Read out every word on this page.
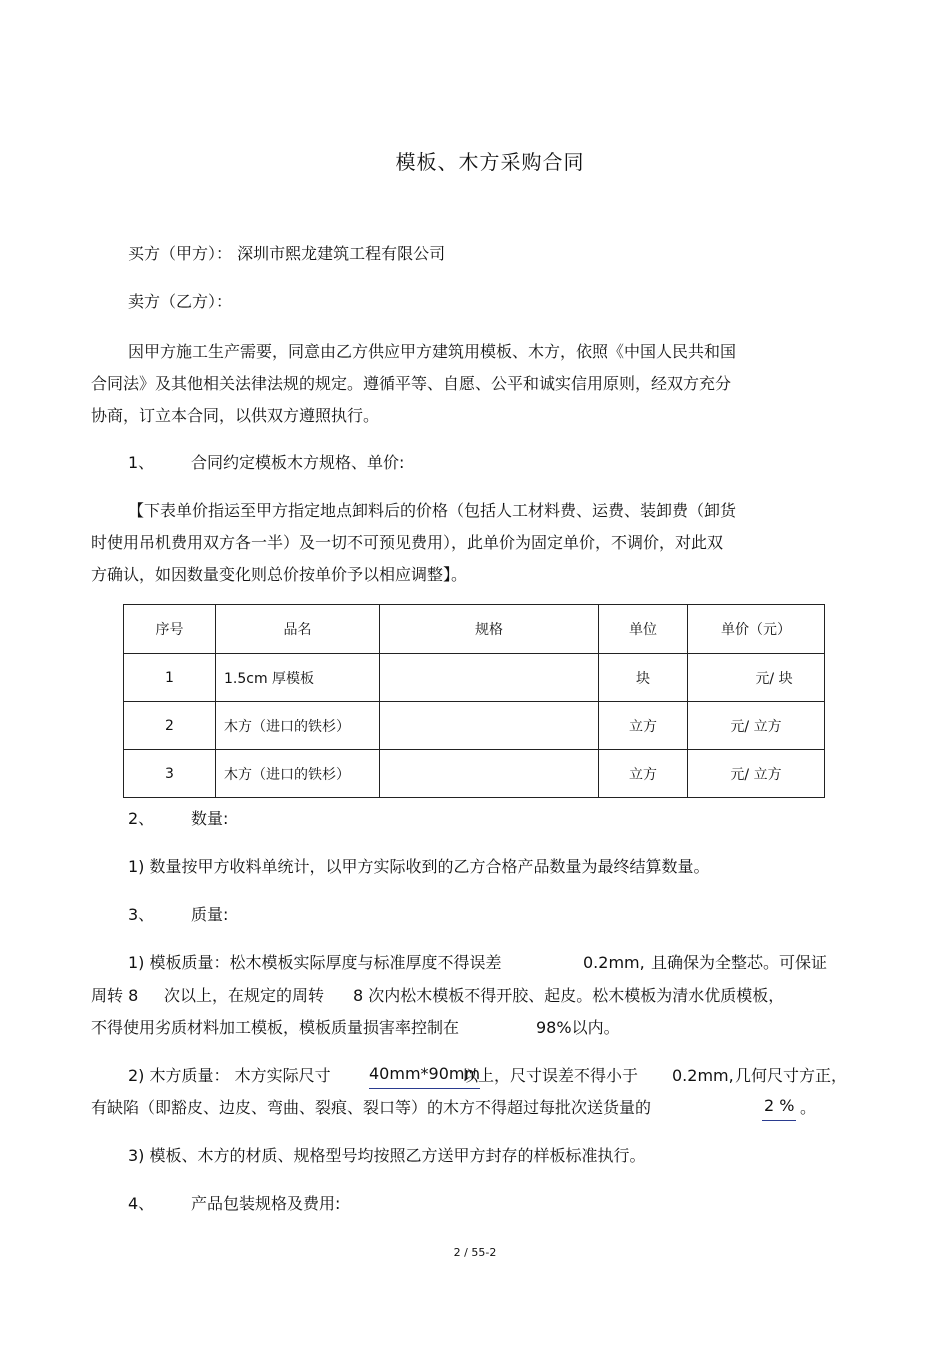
模板、木方采购合同
买方（甲方）： 深圳市熙龙建筑工程有限公司
卖方（乙方）：
因甲方施工生产需要，同意由乙方供应甲方建筑用模板、木方，依照《中国人民共和国
合同法》及其他相关法律法规的规定。遵循平等、自愿、公平和诚实信用原则，经双方充分
协商，订立本合同，以供双方遵照执行。
1、 合同约定模板木方规格、单价:
【下表单价指运至甲方指定地点卸料后的价格（包括人工材料费、运费、装卸费（卸货
时使用吊机费用双方各一半）及一切不可预见费用），此单价为固定单价，不调价，对此双
方确认，如因数量变化则总价按单价予以相应调整】。
序号	品名	规格	单位	单价（元）
1	1.5cm 厚模板		块	元/ 块
2	木方（进口的铁杉）		立方	元/ 立方
3	木方（进口的铁杉）		立方	元/ 立方
2、 数量:
1) 数量按甲方收料单统计，以甲方实际收到的乙方合格产品数量为最终结算数量。
3、 质量:
1) 模板质量：松木模板实际厚度与标准厚度不得误差	0.2mm, 且确保为全整芯。可保证
周转 8 次以上，在规定的周转 8 次内松木模板不得开胶、起皮。松木模板为清水优质模板，
不得使用劣质材料加工模板，模板质量损害率控制在	98%以内。
2) 木方质量： 木方实际尺寸 40mm*90mm
以上，尺寸误差不得小于 0.2mm, 几何尺寸方正，
有缺陷（即豁皮、边皮、弯曲、裂痕、裂口等）的木方不得超过每批次送货量的	2 % 。
3) 模板、木方的材质、规格型号均按照乙方送甲方封存的样板标准执行。
4、 产品包装规格及费用:
2 / 55-2
